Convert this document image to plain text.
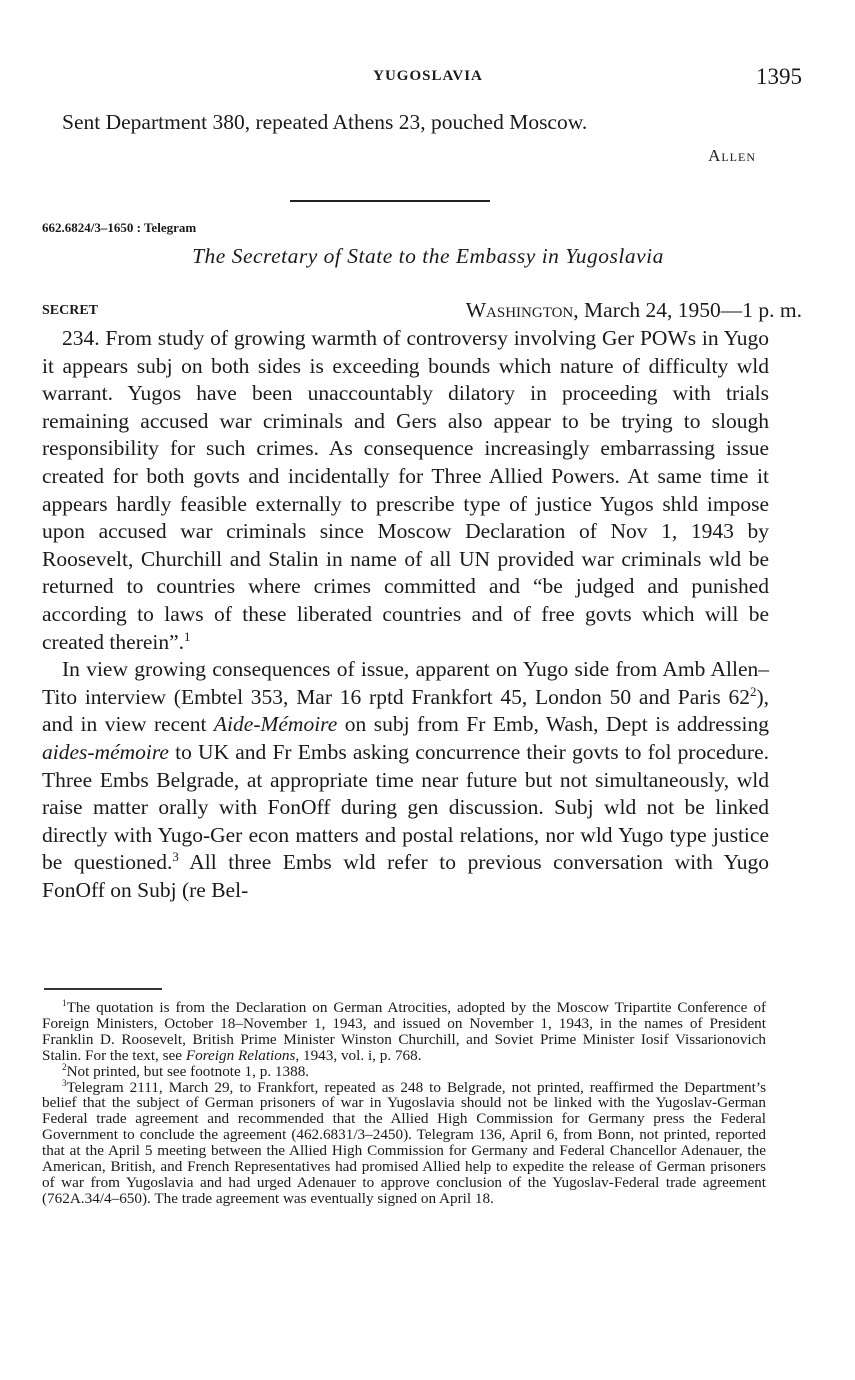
YUGOSLAVIA	1395
Sent Department 380, repeated Athens 23, pouched Moscow.
Allen
662.6824/3–1650 : Telegram
The Secretary of State to the Embassy in Yugoslavia
SECRET	Washington, March 24, 1950—1 p. m.

234. From study of growing warmth of controversy involving Ger POWs in Yugo it appears subj on both sides is exceeding bounds which nature of difficulty wld warrant. Yugos have been unaccountably dilatory in proceeding with trials remaining accused war criminals and Gers also appear to be trying to slough responsibility for such crimes. As consequence increasingly embarrassing issue created for both govts and incidentally for Three Allied Powers. At same time it appears hardly feasible externally to prescribe type of justice Yugos shld impose upon accused war criminals since Moscow Declaration of Nov 1, 1943 by Roosevelt, Churchill and Stalin in name of all UN provided war criminals wld be returned to countries where crimes committed and “be judged and punished according to laws of these liberated countries and of free govts which will be created therein”.$^1$

In view growing consequences of issue, apparent on Yugo side from Amb Allen–Tito interview (Embtel 353, Mar 16 rptd Frankfort 45, London 50 and Paris $62^2$), and in view recent Aide-Mémoire on subj from Fr Emb, Wash, Dept is addressing aides-mémoire to UK and Fr Embs asking concurrence their govts to fol procedure. Three Embs Belgrade, at appropriate time near future but not simultaneously, wld raise matter orally with FonOff during gen discussion. Subj wld not be linked directly with Yugo-Ger econ matters and postal relations, nor wld Yugo type justice be questioned.$^3$ All three Embs wld refer to previous conversation with Yugo FonOff on Subj (re Bel-

$^1$The quotation is from the Declaration on German Atrocities, adopted by the Moscow Tripartite Conference of Foreign Ministers, October 18–November 1, 1943, and issued on November 1, 1943, in the names of President Franklin D. Roosevelt, British Prime Minister Winston Churchill, and Soviet Prime Minister Iosif Vissarionovich Stalin. For the text, see Foreign Relations, 1943, vol. i, p. 768.

$^2$Not printed, but see footnote 1, p. 1388.

$^3$Telegram 2111, March 29, to Frankfort, repeated as 248 to Belgrade, not printed, reaffirmed the Department’s belief that the subject of German prisoners of war in Yugoslavia should not be linked with the Yugoslav-German Federal trade agreement and recommended that the Allied High Commission for Germany press the Federal Government to conclude the agreement (462.6831/3–2450). Telegram 136, April 6, from Bonn, not printed, reported that at the April 5 meeting between the Allied High Commission for Germany and Federal Chancellor Adenauer, the American, British, and French Representatives had promised Allied help to expedite the release of German prisoners of war from Yugoslavia and had urged Adenauer to approve conclusion of the Yugoslav-Federal trade agreement (762A.34/4–650). The trade agreement was eventually signed on April 18.
